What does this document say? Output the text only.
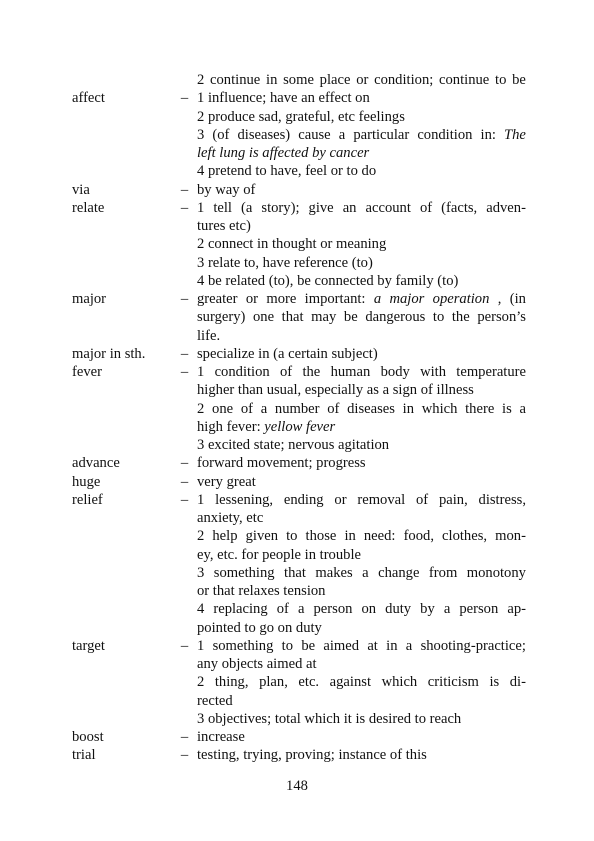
2 continue in some place or condition; continue to be
affect	– 1 influence; have an effect on
2 produce sad, grateful, etc feelings
3 (of diseases) cause a particular condition in: The
left lung is affected by cancer
4 pretend to have, feel or to do
via	– by way of
relate	– 1 tell (a story); give an account of (facts, adven-
tures etc)
2 connect in thought or meaning
3 relate to, have reference (to)
4 be related (to), be connected by family (to)
major	– greater or more important: a major operation , (in
surgery) one that may be dangerous to the person’s
life.
major in sth.	– specialize in (a certain subject)
fever	– 1 condition of the human body with temperature
higher than usual, especially as a sign of illness
2 one of a number of diseases in which there is a
high fever: yellow fever
3 excited state; nervous agitation
advance	– forward movement; progress
huge	– very great
relief	– 1 lessening, ending or removal of pain, distress,
anxiety, etc
2 help given to those in need: food, clothes, mon-
ey, etc. for people in trouble
3 something that makes a change from monotony
or that relaxes tension
4 replacing of a person on duty by a person ap-
pointed to go on duty
target	– 1 something to be aimed at in a shooting-practice;
any objects aimed at
2 thing, plan, etc. against which criticism is di-
rected
3 objectives; total which it is desired to reach
boost	– increase
trial	– testing, trying, proving; instance of this
148
